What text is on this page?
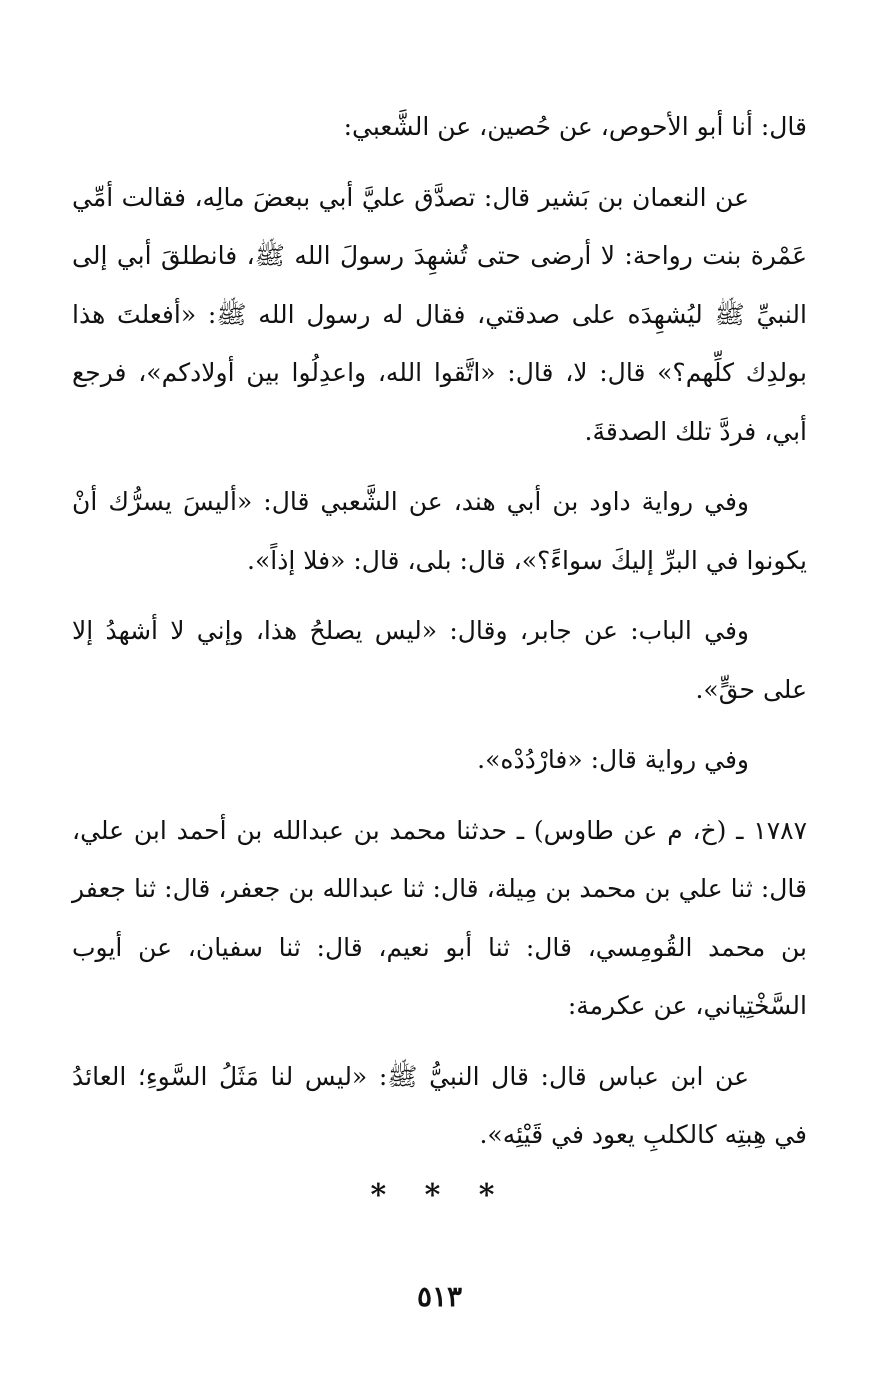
قال: أنا أبو الأحوص، عن حُصين، عن الشَّعبي:

عن النعمان بن بَشير قال: تصدَّق عليَّ أبي ببعضَ مالِه، فقالت أمِّي عَمْرة بنت رواحة: لا أرضى حتى تُشهِدَ رسولَ الله ﷺ، فانطلقَ أبي إلى النبيِّ ﷺ ليُشهِدَه على صدقتي، فقال له رسول الله ﷺ: «أفعلتَ هذا بولدِك كلِّهم؟» قال: لا، قال: «اتَّقوا الله، واعدِلُوا بين أولادكم»، فرجع أبي، فردَّ تلك الصدقةَ.

وفي رواية داود بن أبي هند، عن الشَّعبي قال: «أليسَ يسرُّك أنْ يكونوا في البرِّ إليكَ سواءً؟»، قال: بلى، قال: «فلا إذاً».

وفي الباب: عن جابر، وقال: «ليس يصلحُ هذا، وإني لا أشهدُ إلا على حقٍّ».

وفي رواية قال: «فارْدُدْه».

١٧٨٧ ـ (خ، م عن طاوس) ـ حدثنا محمد بن عبدالله بن أحمد ابن علي، قال: ثنا علي بن محمد بن مِيلة، قال: ثنا عبدالله بن جعفر، قال: ثنا جعفر بن محمد القُومِسي، قال: ثنا أبو نعيم، قال: ثنا سفيان، عن أيوب السَّخْتِياني، عن عكرمة:

عن ابن عباس قال: قال النبيُّ ﷺ: «ليس لنا مَثَلُ السَّوءِ؛ العائدُ في هِبتِه كالكلبِ يعود في قَيْئِه».

* * *
٥١٣
